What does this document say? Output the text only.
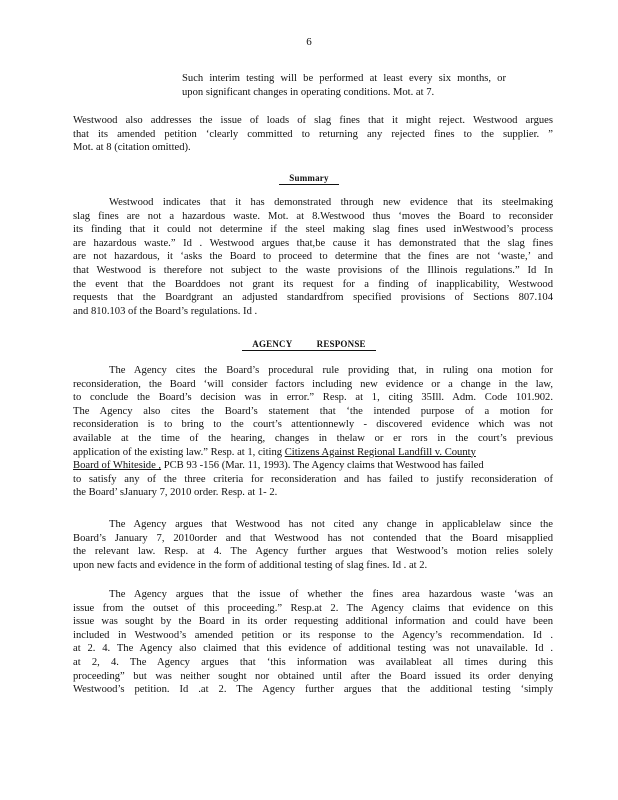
6
Such interim testing will be performed at least every six months, or
upon significant changes in operating conditions. Mot. at 7.
Westwood also addresses the issue of loads of slag fines that it might reject. Westwood argues
that its amended petition ‘clearly committed to returning any rejected fines to the supplier. ”
Mot. at 8 (citation omitted).
Summary
Westwood indicates that it has demonstrated through new evidence that its steelmaking
slag fines are not a hazardous waste. Mot. at 8.Westwood thus ‘moves the Board to reconsider
its finding that it could not determine if the steel making slag fines used inWestwood’s process
are hazardous waste.” Id . Westwood argues that,be cause it has demonstrated that the slag fines
are not hazardous, it ‘asks the Board to proceed to determine that the fines are not ‘waste,’ and
that Westwood is therefore not subject to the waste provisions of the Illinois regulations.” Id In
the event that the Boarddoes not grant its request for a finding of inapplicability, Westwood
requests that the Boardgrant an adjusted standardfrom specified provisions of Sections 807.104
and 810.103 of the Board’s regulations. Id .
AGENCY          RESPONSE
The Agency cites the Board’s procedural rule providing that, in ruling ona motion for
reconsideration, the Board ‘will consider factors including new evidence or a change in the law,
to conclude the Board’s decision was in error.” Resp. at 1, citing 35Ill. Adm. Code 101.902.
The Agency also cites the Board’s statement that ‘the intended purpose of a motion for
reconsideration is to bring to the court’s attentionnewly - discovered evidence which was not
available at the time of the hearing, changes in thelaw or er rors in the court’s previous
application of the existing law.” Resp. at 1, citing Citizens Against Regional Landfill v. County
Board of Whiteside , PCB 93 -156 (Mar. 11, 1993). The Agency claims that Westwood has failed
to satisfy any of the three criteria for reconsideration and has failed to justify reconsideration of
the Board’ sJanuary 7, 2010 order. Resp. at 1- 2.
The Agency argues that Westwood has not cited any change in applicablelaw since the
Board’s January 7, 2010order and that Westwood has not contended that the Board misapplied
the relevant law. Resp. at 4. The Agency further argues that Westwood’s motion relies solely
upon new facts and evidence in the form of additional testing of slag fines. Id . at 2.
The Agency argues that the issue of whether the fines area hazardous waste ‘was an
issue from the outset of this proceeding.” Resp.at 2. The Agency claims that evidence on this
issue was sought by the Board in its order requesting additional information and could have been
included in Westwood’s amended petition or its response to the Agency’s recommendation. Id .
at 2. 4. The Agency also claimed that this evidence of additional testing was not unavailable. Id .
at 2, 4. The Agency argues that ‘this information was availableat all times during this
proceeding” but was neither sought nor obtained until after the Board issued its order denying
Westwood’s petition. Id .at 2. The Agency further argues that the additional testing ‘simply
